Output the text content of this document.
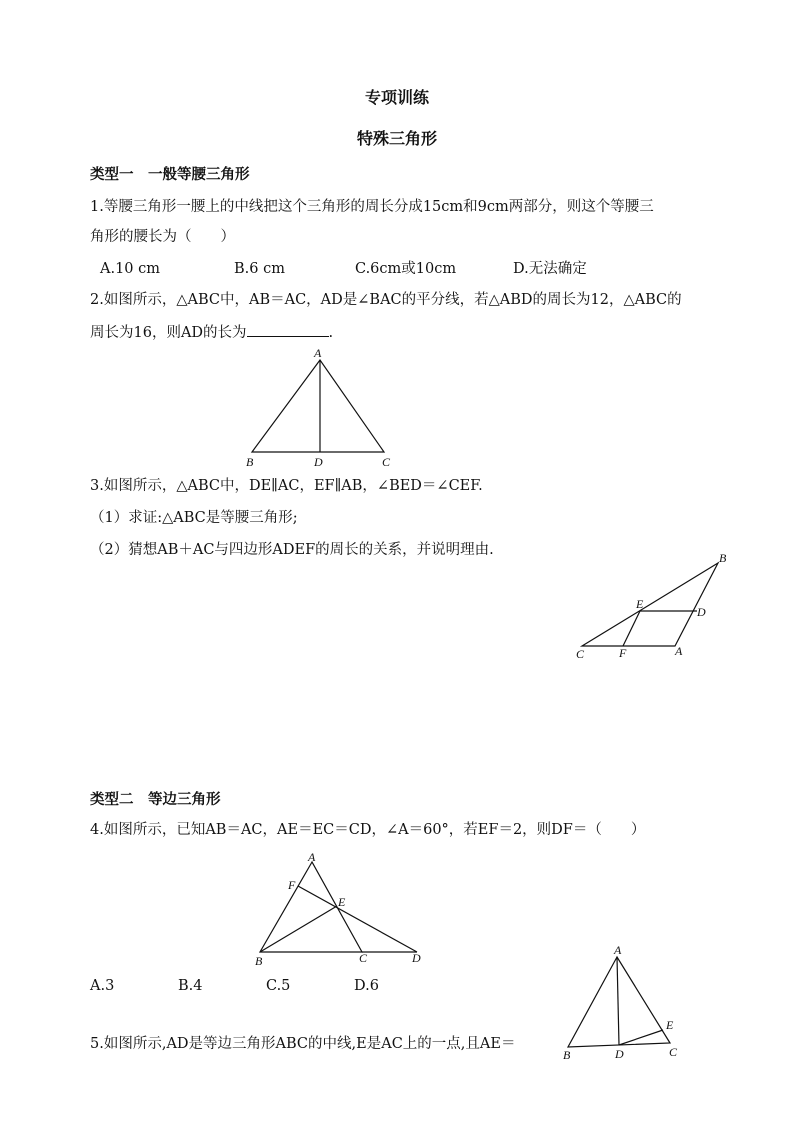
专项训练
特殊三角形
类型一　一般等腰三角形
1.等腰三角形一腰上的中线把这个三角形的周长分成15cm和9cm两部分，则这个等腰三
角形的腰长为（　　）
A.10 cm	B.6 cm	C.6cm或10cm	D.无法确定
2.如图所示，△ABC中，AB＝AC，AD是∠BAC的平分线，若△ABD的周长为12，△ABC的
周长为16，则AD的长为	.
A
B	D	C
3.如图所示，△ABC中，DE∥AC，EF∥AB，∠BED＝∠CEF.
（1）求证:△ABC是等腰三角形;
（2）猜想AB＋AC与四边形ADEF的周长的关系，并说明理由.	B
E
D
C	F	A
类型二　等边三角形
4.如图所示，已知AB＝AC，AE＝EC＝CD，∠A＝60°，若EF＝2，则DF＝（　　）
A
F
E
B	C	D
A.3	B.4	C.5	D.6
A
E
B	D	C
5.如图所示,AD是等边三角形ABC的中线,E是AC上的一点,且AE＝
